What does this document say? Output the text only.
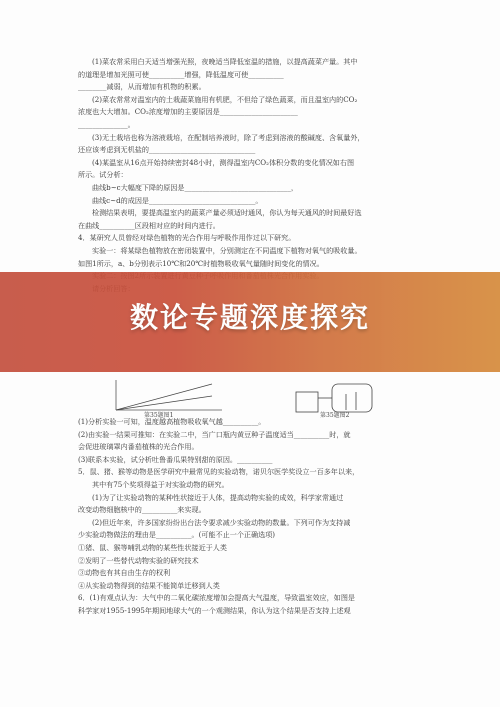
(1)菜农常采用白天适当增强光照，夜晚适当降低室温的措施，以提高蔬菜产量。其中
的道理是增加光照可使__________增强，降低温度可使__________
________减弱，从而增加有机物的积累。
(2)菜农常常对温室内的土栽蔬菜施用有机肥，不但给了绿色蔬菜，而且温室内的CO₂
浓度也大大增加。CO₂浓度增加的主要原因是______________________
______________。
(3)无土栽培也称为溶液栽培，在配制培养液时，除了考虑到溶液的酸碱度、含氧量外，
还应该考虑到无机盐的______________________________
(4)某温室从16点开始持续密封48小时，测得温室内CO₂体积分数的变化情况如右图
所示。试分析：
曲线b~c大幅度下降的原因是______________________________，
曲线c~d的成因是______________________________。
检测结果表明，要提高温室内的蔬菜产量必须适时通风，你认为每天通风的时间最好选
在曲线__________区段相对应的时间内进行。
4．某研究人员曾经对绿色植物的光合作用与呼吸作用作过以下研究。
实验一：将某绿色植物放在密闭装置中，分别测定在不同温度下植物对氧气的吸收量。
如图1所示，a、b分别表示10℃和20℃时植物吸收氧气量随时间变化的情况。
第35题图1	第35题图2
(1)分析实验一可知，温度越高植物吸收氧气越__________。
(2)由实验一结果可推知：在实验二中，当广口瓶内黄豆种子温度适当__________时，就
会促进玻璃罩内番茄植株的光合作用。
(3)联系本实验，试分析吐鲁番瓜果特别甜的原因。__________
5．鼠、猪、猴等动物是医学研究中最常见的实验动物，诺贝尔医学奖设立一百多年以来，
其中有75个奖项得益于对实验动物的研究。
(1)为了让实验动物的某种性状接近于人体，提高动物实验的成效，科学家常通过
改变动物细胞核中的__________来实现。
(2)但近年来，许多国家纷纷出台法令要求减少实验动物的数量。下列可作为支持减
少实验动物做法的理由是__________。(可能不止一个正确选项)
①猪、鼠、猴等哺乳动物的某些性状接近于人类
②发明了一些替代动物实验的研究技术
③动物也有其自由生存的权利
④从实验动物得到的结果不能简单迁移到人类
6．(1)有观点认为：大气中的二氧化碳浓度增加会提高大气温度，导致温室效应，如图是
科学家对1955-1995年期间地球大气的一个观测结果，你认为这个结果是否支持上述观
数论专题深度探究
